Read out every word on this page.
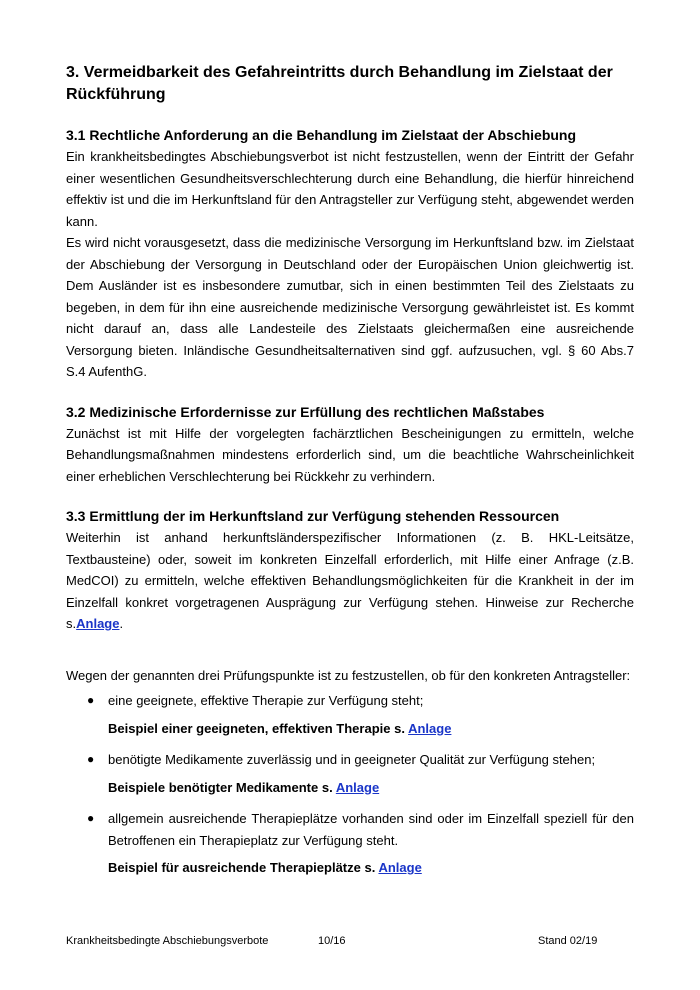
3. Vermeidbarkeit des Gefahreintritts durch Behandlung im Zielstaat der Rückführung
3.1 Rechtliche Anforderung an die Behandlung im Zielstaat der Abschiebung

Ein krankheitsbedingtes Abschiebungsverbot ist nicht festzustellen, wenn der Eintritt der Gefahr einer wesentlichen Gesundheitsverschlechterung durch eine Behandlung, die hierfür hinreichend effektiv ist und die im Herkunftsland für den Antragsteller zur Verfügung steht, abgewendet werden kann.

Es wird nicht vorausgesetzt, dass die medizinische Versorgung im Herkunftsland bzw. im Zielstaat der Abschiebung der Versorgung in Deutschland oder der Europäischen Union gleichwertig ist. Dem Ausländer ist es insbesondere zumutbar, sich in einen bestimmten Teil des Zielstaats zu begeben, in dem für ihn eine ausreichende medizinische Versorgung gewährleistet ist. Es kommt nicht darauf an, dass alle Landesteile des Zielstaats gleichermaßen eine ausreichende Versorgung bieten. Inländische Gesundheitsalternativen sind ggf. aufzusuchen, vgl. § 60 Abs.7 S.4 AufenthG.

3.2 Medizinische Erfordernisse zur Erfüllung des rechtlichen Maßstabes

Zunächst ist mit Hilfe der vorgelegten fachärztlichen Bescheinigungen zu ermitteln, welche Behandlungsmaßnahmen mindestens erforderlich sind, um die beachtliche Wahrscheinlichkeit einer erheblichen Verschlechterung bei Rückkehr zu verhindern.

3.3 Ermittlung der im Herkunftsland zur Verfügung stehenden Ressourcen

Weiterhin ist anhand herkunftsländerspezifischer Informationen (z. B. HKL-Leitsätze, Textbausteine) oder, soweit im konkreten Einzelfall erforderlich, mit Hilfe einer Anfrage (z.B. MedCOI) zu ermitteln, welche effektiven Behandlungsmöglichkeiten für die Krankheit in der im Einzelfall konkret vorgetragenen Ausprägung zur Verfügung stehen. Hinweise zur Recherche s.Anlage.

Wegen der genannten drei Prüfungspunkte ist zu festzustellen, ob für den konkreten Antragsteller:

● eine geeignete, effektive Therapie zur Verfügung steht;
Beispiel einer geeigneten, effektiven Therapie s. Anlage
● benötigte Medikamente zuverlässig und in geeigneter Qualität zur Verfügung stehen;
Beispiele benötigter Medikamente s. Anlage
● allgemein ausreichende Therapieplätze vorhanden sind oder im Einzelfall speziell für den Betroffenen ein Therapieplatz zur Verfügung steht.
Beispiel für ausreichende Therapieplätze s. Anlage
Krankheitsbedingte Abschiebungsverbote	10/16	Stand 02/19
